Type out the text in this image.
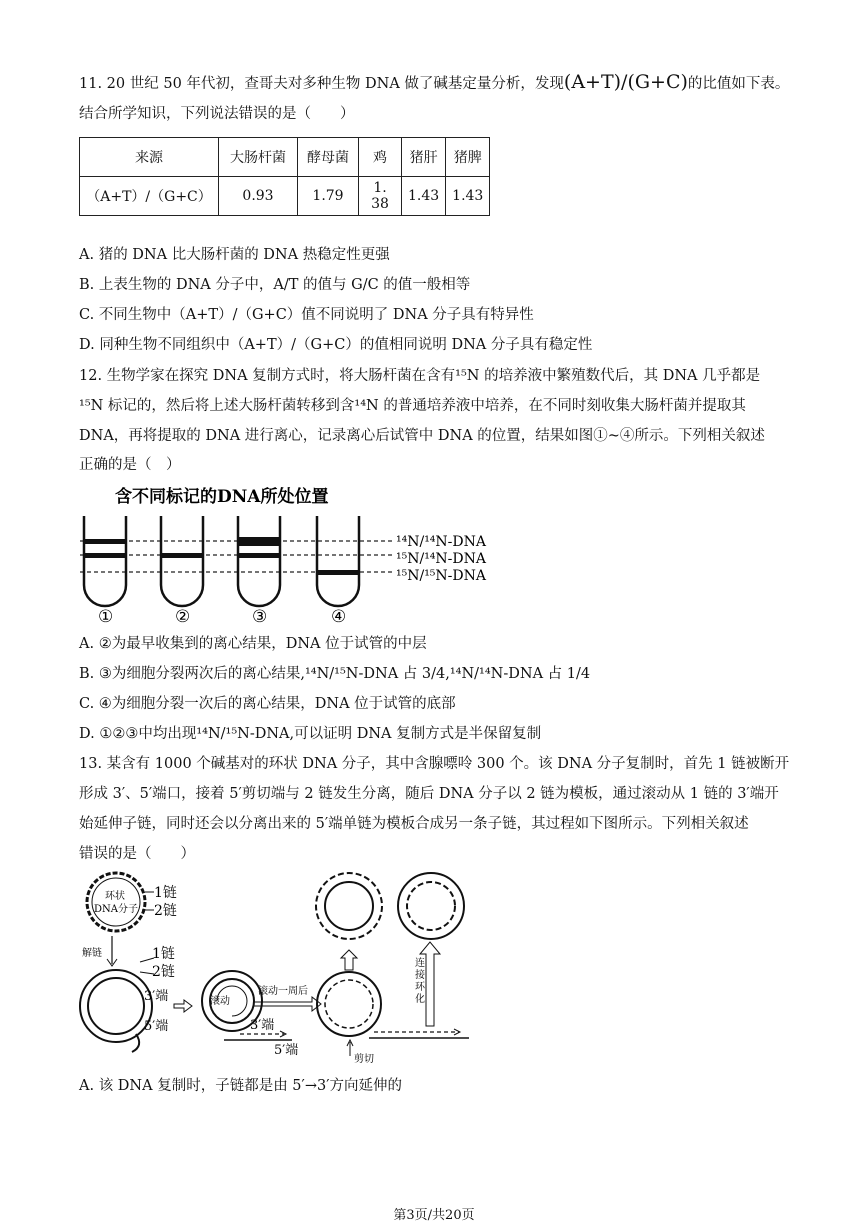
11. 20 世纪 50 年代初，查哥夫对多种生物 DNA 做了碱基定量分析，发现(A+T)/(G+C)的比值如下表。
结合所学知识，下列说法错误的是（　　）
来源	大肠杆菌	酵母菌	鸡	猪肝	猪脾
（A+T）/（G+C）	0.93	1.79	1. 38	1.43	1.43
A. 猪的 DNA 比大肠杆菌的 DNA 热稳定性更强
B. 上表生物的 DNA 分子中，A/T 的值与 G/C 的值一般相等
C. 不同生物中（A+T）/（G+C）值不同说明了 DNA 分子具有特异性
D. 同种生物不同组织中（A+T）/（G+C）的值相同说明 DNA 分子具有稳定性
12. 生物学家在探究 DNA 复制方式时，将大肠杆菌在含有¹⁵N 的培养液中繁殖数代后，其 DNA 几乎都是
¹⁵N 标记的，然后将上述大肠杆菌转移到含¹⁴N 的普通培养液中培养，在不同时刻收集大肠杆菌并提取其
DNA，再将提取的 DNA 进行离心，记录离心后试管中 DNA 的位置，结果如图①~④所示。下列相关叙述
正确的是（　）
含不同标记的DNA所处位置
¹⁴N/¹⁴N-DNA
¹⁵N/¹⁴N-DNA
¹⁵N/¹⁵N-DNA
①	②	③	④
A. ②为最早收集到的离心结果，DNA 位于试管的中层
B. ③为细胞分裂两次后的离心结果,¹⁴N/¹⁵N-DNA 占 3/4,¹⁴N/¹⁴N-DNA 占 1/4
C. ④为细胞分裂一次后的离心结果，DNA 位于试管的底部
D. ①②③中均出现¹⁴N/¹⁵N-DNA,可以证明 DNA 复制方式是半保留复制
13. 某含有 1000 个碱基对的环状 DNA 分子，其中含腺嘌呤 300 个。该 DNA 分子复制时，首先 1 链被断开
形成 3′、5′端口，接着 5′剪切端与 2 链发生分离，随后 DNA 分子以 2 链为模板，通过滚动从 1 链的 3′端开
始延伸子链，同时还会以分离出来的 5′端单链为模板合成另一条子链，其过程如下图所示。下列相关叙述
错误的是（　　）
环状
DNA分子
1链
2链
解链	1链
2链
3′端
5′端
滚动
3′端
5′端
滚动一周后
剪切
连
接
环
化
A. 该 DNA 复制时，子链都是由 5′→3′方向延伸的
第3页/共20页
